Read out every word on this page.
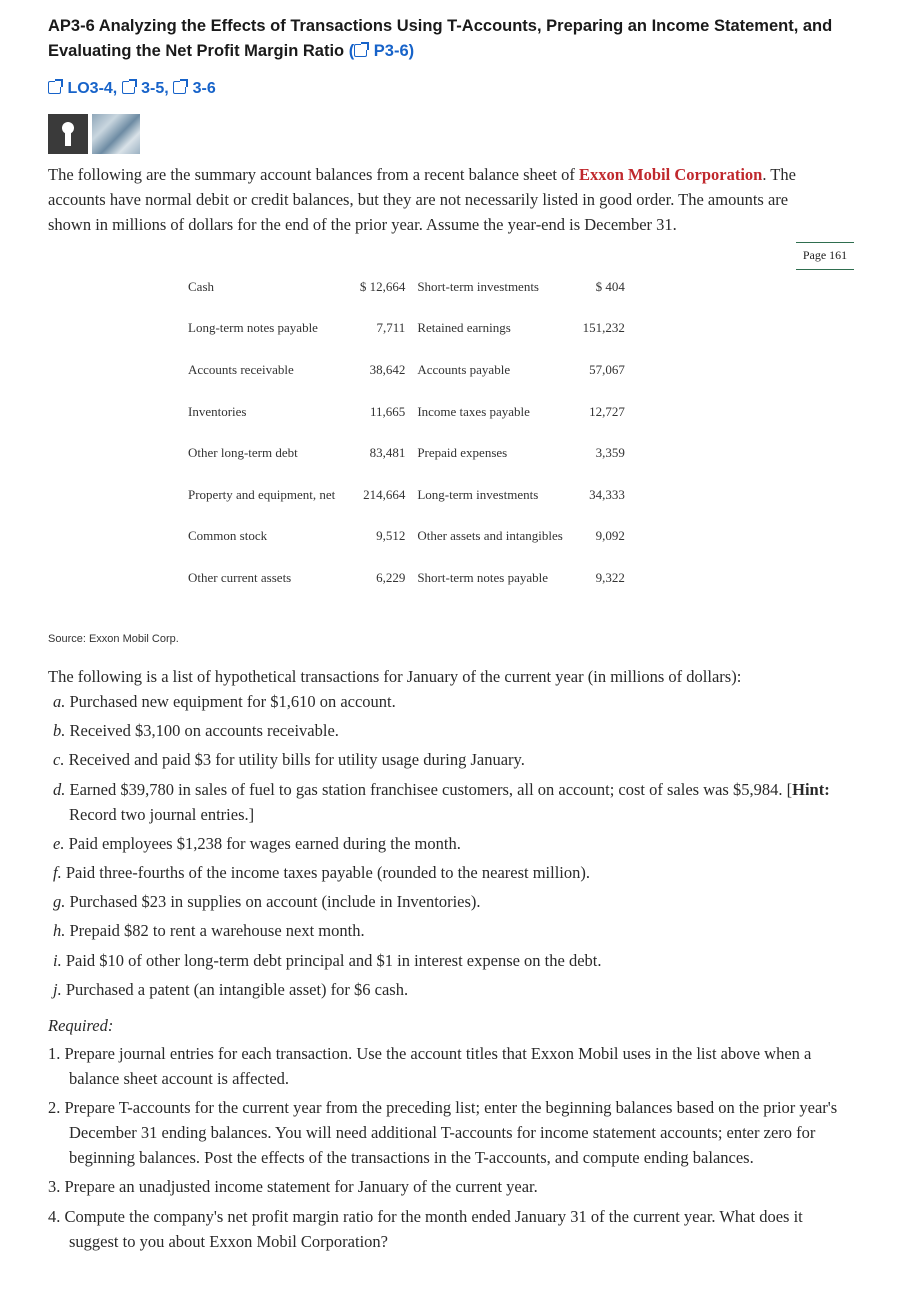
AP3-6 Analyzing the Effects of Transactions Using T-Accounts, Preparing an Income Statement, and Evaluating the Net Profit Margin Ratio ( P3-6)
LO3-4, 3-5, 3-6
The following are the summary account balances from a recent balance sheet of Exxon Mobil Corporation. The accounts have normal debit or credit balances, but they are not necessarily listed in good order. The amounts are shown in millions of dollars for the end of the prior year. Assume the year-end is December 31.
Page 161
Cash	$ 12,664	Short-term investments	$ 404
Long-term notes payable	7,711	Retained earnings	151,232
Accounts receivable	38,642	Accounts payable	57,067
Inventories	11,665	Income taxes payable	12,727
Other long-term debt	83,481	Prepaid expenses	3,359
Property and equipment, net	214,664	Long-term investments	34,333
Common stock	9,512	Other assets and intangibles	9,092
Other current assets	6,229	Short-term notes payable	9,322
Source: Exxon Mobil Corp.
The following is a list of hypothetical transactions for January of the current year (in millions of dollars):
a. Purchased new equipment for $1,610 on account.
b. Received $3,100 on accounts receivable.
c. Received and paid $3 for utility bills for utility usage during January.
d. Earned $39,780 in sales of fuel to gas station franchisee customers, all on account; cost of sales was $5,984. [Hint: Record two journal entries.]
e. Paid employees $1,238 for wages earned during the month.
f. Paid three-fourths of the income taxes payable (rounded to the nearest million).
g. Purchased $23 in supplies on account (include in Inventories).
h. Prepaid $82 to rent a warehouse next month.
i. Paid $10 of other long-term debt principal and $1 in interest expense on the debt.
j. Purchased a patent (an intangible asset) for $6 cash.
Required:
1. Prepare journal entries for each transaction. Use the account titles that Exxon Mobil uses in the list above when a balance sheet account is affected.
2. Prepare T-accounts for the current year from the preceding list; enter the beginning balances based on the prior year's December 31 ending balances. You will need additional T-accounts for income statement accounts; enter zero for beginning balances. Post the effects of the transactions in the T-accounts, and compute ending balances.
3. Prepare an unadjusted income statement for January of the current year.
4. Compute the company's net profit margin ratio for the month ended January 31 of the current year. What does it suggest to you about Exxon Mobil Corporation?
